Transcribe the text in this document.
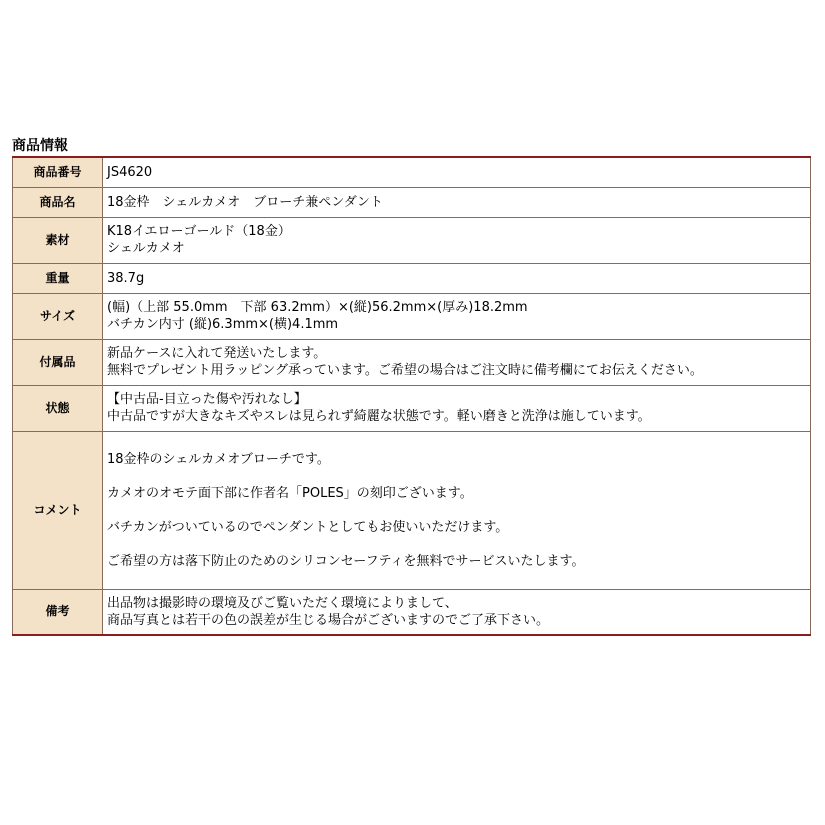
商品情報
商品番号	JS4620

商品名	18金枠　シェルカメオ　ブローチ兼ペンダント

素材	K18イエローゴールド（18金）
シェルカメオ

重量	38.7g

サイズ	(幅)（上部 55.0mm　下部 63.2mm）×(縦)56.2mm×(厚み)18.2mm
バチカン内寸 (縦)6.3mm×(横)4.1mm

付属品	新品ケースに入れて発送いたします。
無料でプレゼント用ラッピング承っています。ご希望の場合はご注文時に備考欄にてお伝えください。

状態	【中古品-目立った傷や汚れなし】
中古品ですが大きなキズやスレは見られず綺麗な状態です。軽い磨きと洗浄は施しています。

コメント	18金枠のシェルカメオブローチです。
カメオのオモテ面下部に作者名「POLES」の刻印ございます。
バチカンがついているのでペンダントとしてもお使いいただけます。
ご希望の方は落下防止のためのシリコンセーフティを無料でサービスいたします。

備考	出品物は撮影時の環境及びご覧いただく環境によりまして、
商品写真とは若干の色の誤差が生じる場合がございますのでご了承下さい。
